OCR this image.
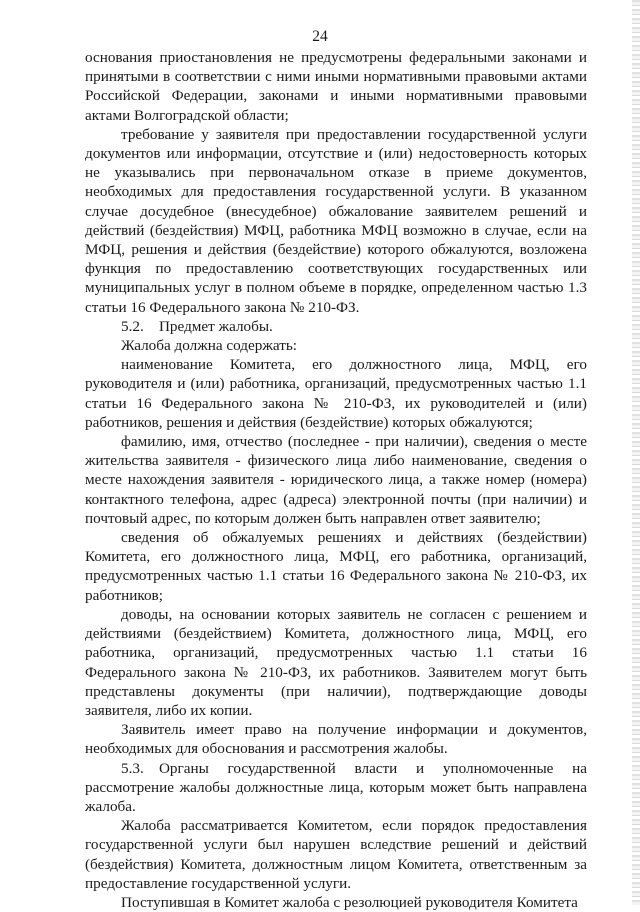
24

основания приостановления не предусмотрены федеральными законами и принятыми в соответствии с ними иными нормативными правовыми актами Российской Федерации, законами и иными нормативными правовыми актами Волгоградской области;

требование у заявителя при предоставлении государственной услуги документов или информации, отсутствие и (или) недостоверность которых не указывались при первоначальном отказе в приеме документов, необходимых для предоставления государственной услуги. В указанном случае досудебное (внесудебное) обжалование заявителем решений и действий (бездействия) МФЦ, работника МФЦ возможно в случае, если на МФЦ, решения и действия (бездействие) которого обжалуются, возложена функция по предоставлению соответствующих государственных или муниципальных услуг в полном объеме в порядке, определенном частью 1.3 статьи 16 Федерального закона № 210-ФЗ.

5.2. Предмет жалобы.

Жалоба должна содержать:

наименование Комитета, его должностного лица, МФЦ, его руководителя и (или) работника, организаций, предусмотренных частью 1.1 статьи 16 Федерального закона № 210-ФЗ, их руководителей и (или) работников, решения и действия (бездействие) которых обжалуются;

фамилию, имя, отчество (последнее - при наличии), сведения о месте жительства заявителя - физического лица либо наименование, сведения о месте нахождения заявителя - юридического лица, а также номер (номера) контактного телефона, адрес (адреса) электронной почты (при наличии) и почтовый адрес, по которым должен быть направлен ответ заявителю;

сведения об обжалуемых решениях и действиях (бездействии) Комитета, его должностного лица, МФЦ, его работника, организаций, предусмотренных частью 1.1 статьи 16 Федерального закона № 210-ФЗ, их работников;

доводы, на основании которых заявитель не согласен с решением и действиями (бездействием) Комитета, должностного лица, МФЦ, его работника, организаций, предусмотренных частью 1.1 статьи 16 Федерального закона № 210-ФЗ, их работников. Заявителем могут быть представлены документы (при наличии), подтверждающие доводы заявителя, либо их копии.

Заявитель имеет право на получение информации и документов, необходимых для обоснования и рассмотрения жалобы.

5.3. Органы государственной власти и уполномоченные на рассмотрение жалобы должностные лица, которым может быть направлена жалоба.

Жалоба рассматривается Комитетом, если порядок предоставления государственной услуги был нарушен вследствие решений и действий (бездействия) Комитета, должностным лицом Комитета, ответственным за предоставление государственной услуги.

Поступившая в Комитет жалоба с резолюцией руководителя Комитета
